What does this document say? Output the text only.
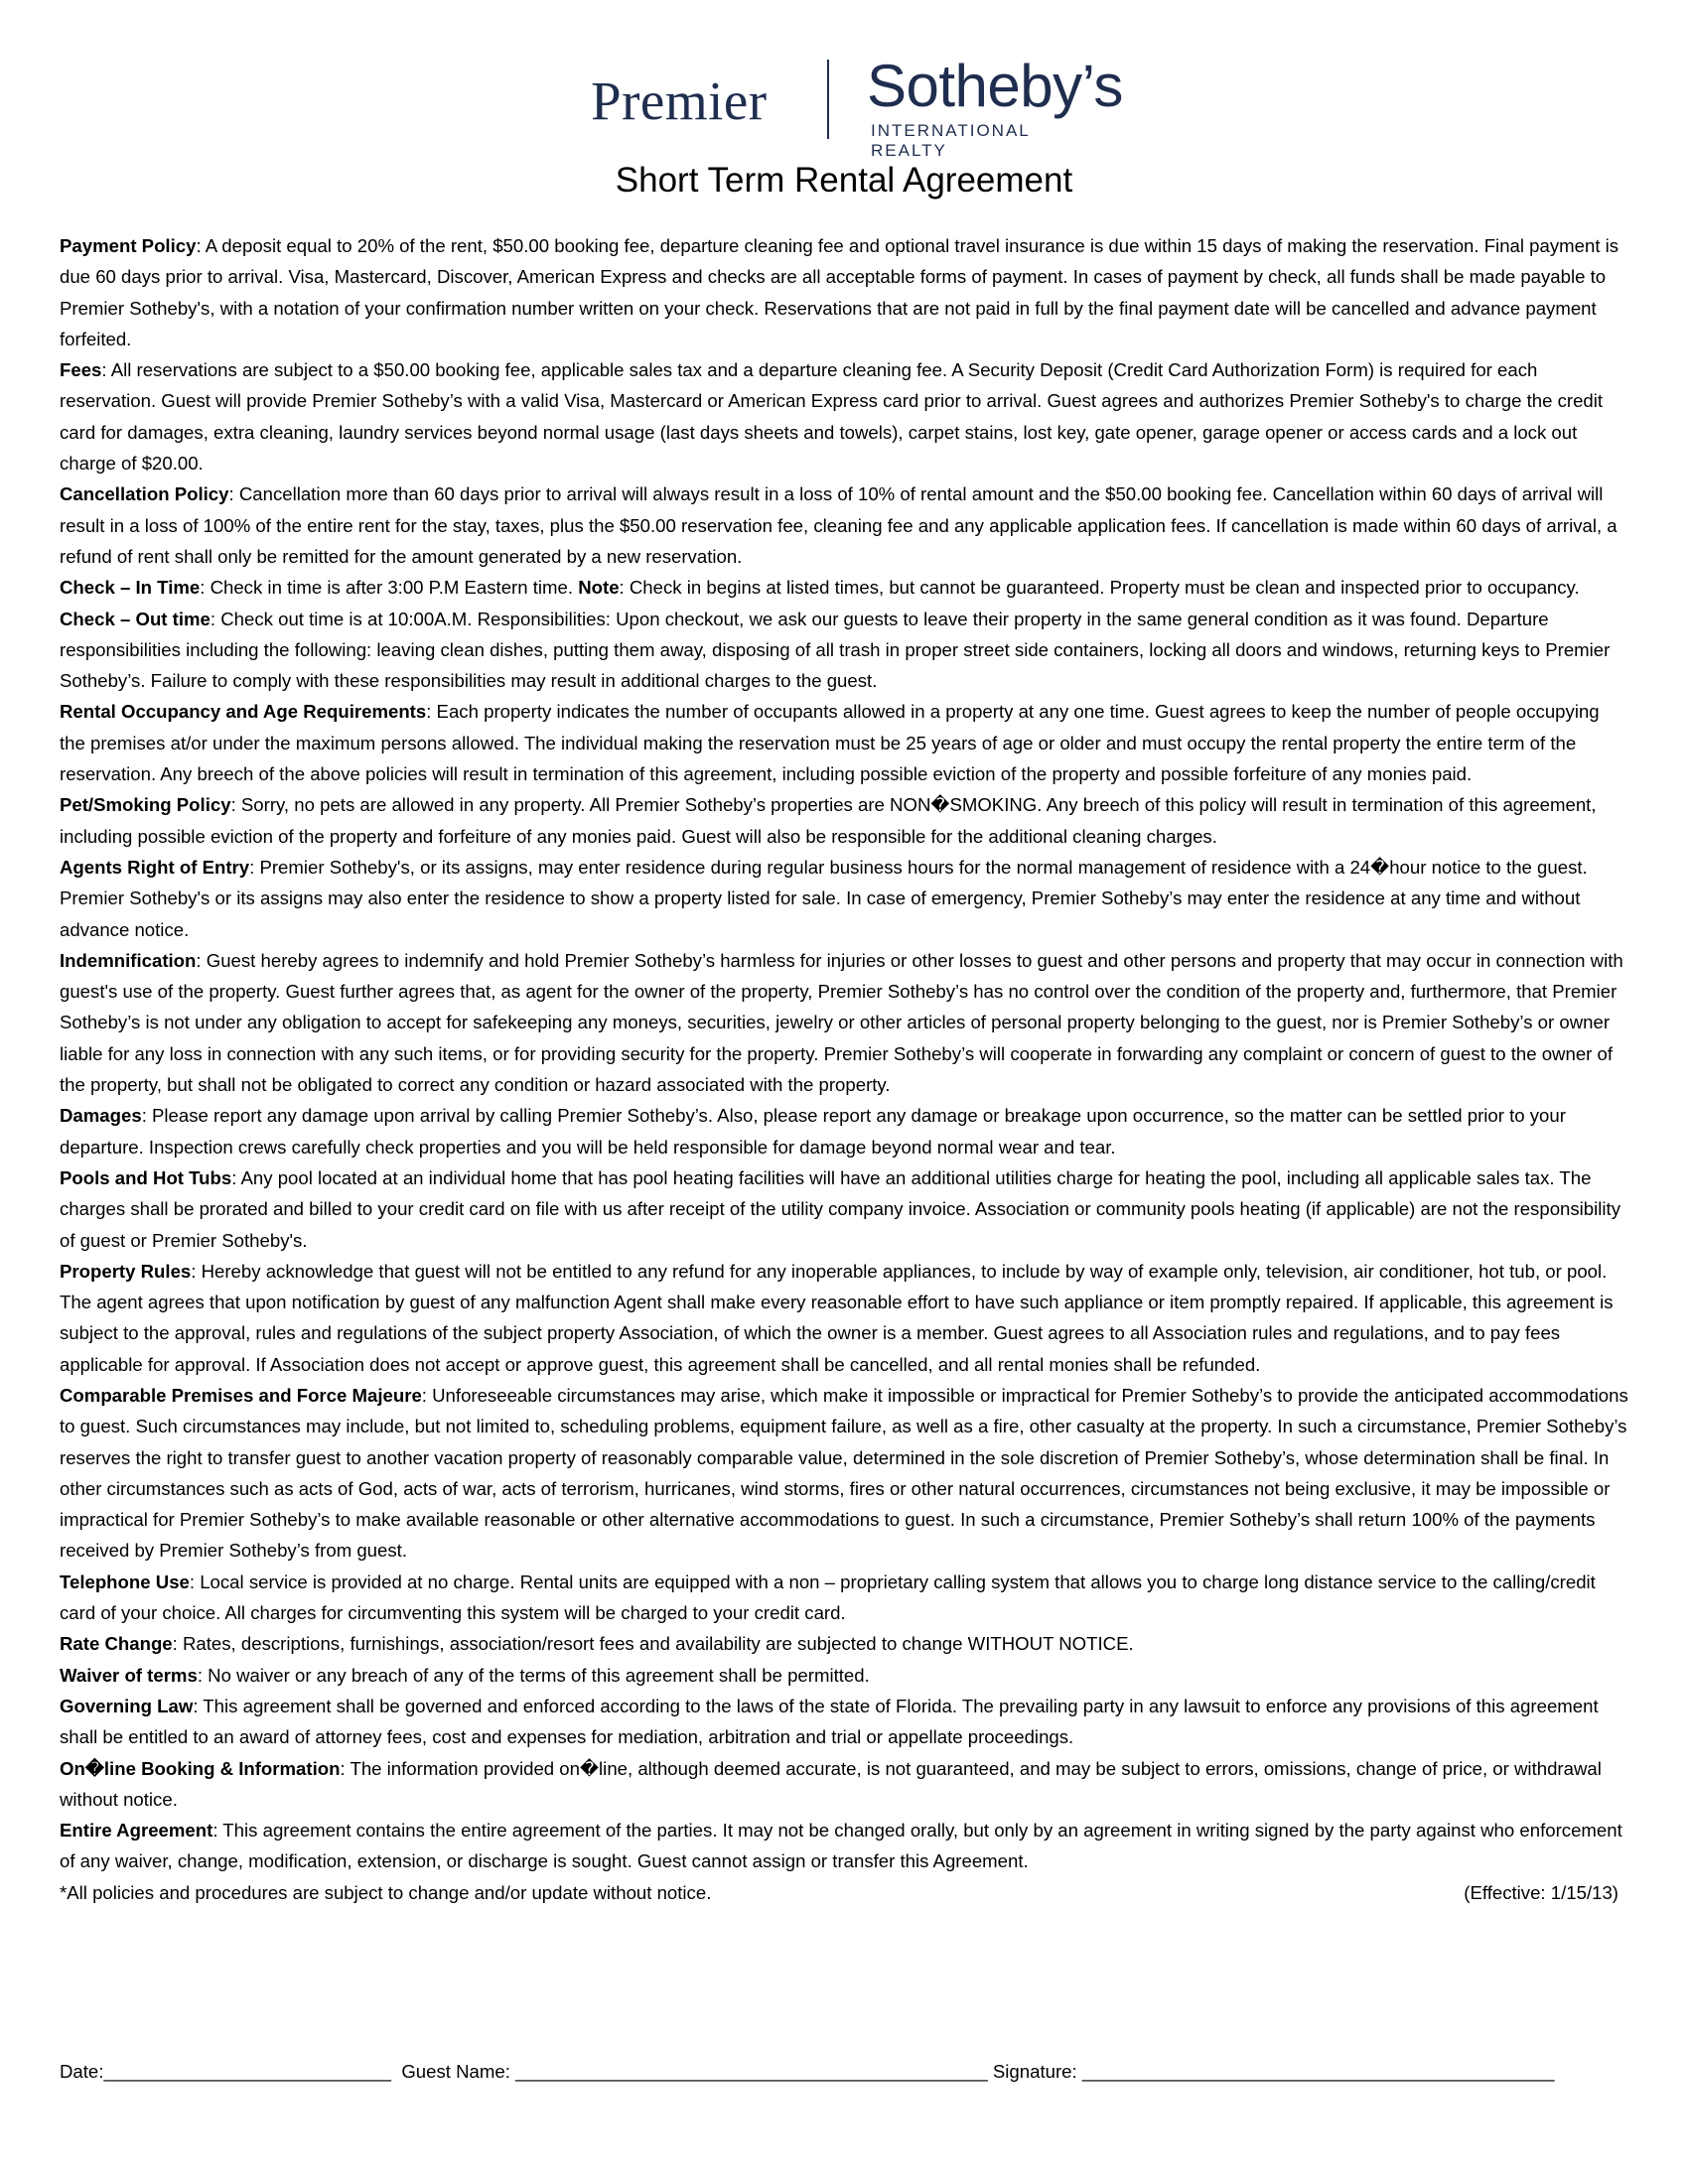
Premier Sotheby’s
INTERNATIONAL REALTY
Short Term Rental Agreement

Payment Policy: A deposit equal to 20% of the rent, $50.00 booking fee, departure cleaning fee and optional travel insurance is due within 15 days of making the reservation. Final payment is due 60 days prior to arrival. Visa, Mastercard, Discover, American Express and checks are all acceptable forms of payment. In cases of payment by check, all funds shall be made payable to Premier Sotheby's, with a notation of your confirmation number written on your check. Reservations that are not paid in full by the final payment date will be cancelled and advance payment forfeited.

Fees: All reservations are subject to a $50.00 booking fee, applicable sales tax and a departure cleaning fee. A Security Deposit (Credit Card Authorization Form) is required for each reservation. Guest will provide Premier Sotheby’s with a valid Visa, Mastercard or American Express card prior to arrival. Guest agrees and authorizes Premier Sotheby's to charge the credit card for damages, extra cleaning, laundry services beyond normal usage (last days sheets and towels), carpet stains, lost key, gate opener, garage opener or access cards and a lock out charge of $20.00.

Cancellation Policy: Cancellation more than 60 days prior to arrival will always result in a loss of 10% of rental amount and the $50.00 booking fee. Cancellation within 60 days of arrival will result in a loss of 100% of the entire rent for the stay, taxes, plus the $50.00 reservation fee, cleaning fee and any applicable application fees. If cancellation is made within 60 days of arrival, a refund of rent shall only be remitted for the amount generated by a new reservation.

Check – In Time: Check in time is after 3:00 P.M Eastern time. Note: Check in begins at listed times, but cannot be guaranteed. Property must be clean and inspected prior to occupancy.

Check – Out time: Check out time is at 10:00A.M. Responsibilities: Upon checkout, we ask our guests to leave their property in the same general condition as it was found. Departure responsibilities including the following: leaving clean dishes, putting them away, disposing of all trash in proper street side containers, locking all doors and windows, returning keys to Premier Sotheby’s. Failure to comply with these responsibilities may result in additional charges to the guest.

Rental Occupancy and Age Requirements: Each property indicates the number of occupants allowed in a property at any one time. Guest agrees to keep the number of people occupying the premises at/or under the maximum persons allowed. The individual making the reservation must be 25 years of age or older and must occupy the rental property the entire term of the reservation. Any breech of the above policies will result in termination of this agreement, including possible eviction of the property and possible forfeiture of any monies paid.

Pet/Smoking Policy: Sorry, no pets are allowed in any property. All Premier Sotheby’s properties are NON�SMOKING. Any breech of this policy will result in termination of this agreement, including possible eviction of the property and forfeiture of any monies paid. Guest will also be responsible for the additional cleaning charges.

Agents Right of Entry: Premier Sotheby's, or its assigns, may enter residence during regular business hours for the normal management of residence with a 24�hour notice to the guest. Premier Sotheby's or its assigns may also enter the residence to show a property listed for sale. In case of emergency, Premier Sotheby’s may enter the residence at any time and without advance notice.

Indemnification: Guest hereby agrees to indemnify and hold Premier Sotheby’s harmless for injuries or other losses to guest and other persons and property that may occur in connection with guest's use of the property. Guest further agrees that, as agent for the owner of the property, Premier Sotheby’s has no control over the condition of the property and, furthermore, that Premier Sotheby’s is not under any obligation to accept for safekeeping any moneys, securities, jewelry or other articles of personal property belonging to the guest, nor is Premier Sotheby’s or owner liable for any loss in connection with any such items, or for providing security for the property. Premier Sotheby’s will cooperate in forwarding any complaint or concern of guest to the owner of the property, but shall not be obligated to correct any condition or hazard associated with the property.

Damages: Please report any damage upon arrival by calling Premier Sotheby’s. Also, please report any damage or breakage upon occurrence, so the matter can be settled prior to your departure. Inspection crews carefully check properties and you will be held responsible for damage beyond normal wear and tear.

Pools and Hot Tubs: Any pool located at an individual home that has pool heating facilities will have an additional utilities charge for heating the pool, including all applicable sales tax. The charges shall be prorated and billed to your credit card on file with us after receipt of the utility company invoice. Association or community pools heating (if applicable) are not the responsibility of guest or Premier Sotheby's.

Property Rules: Hereby acknowledge that guest will not be entitled to any refund for any inoperable appliances, to include by way of example only, television, air conditioner, hot tub, or pool. The agent agrees that upon notification by guest of any malfunction Agent shall make every reasonable effort to have such appliance or item promptly repaired. If applicable, this agreement is subject to the approval, rules and regulations of the subject property Association, of which the owner is a member. Guest agrees to all Association rules and regulations, and to pay fees applicable for approval. If Association does not accept or approve guest, this agreement shall be cancelled, and all rental monies shall be refunded.

Comparable Premises and Force Majeure: Unforeseeable circumstances may arise, which make it impossible or impractical for Premier Sotheby’s to provide the anticipated accommodations to guest. Such circumstances may include, but not limited to, scheduling problems, equipment failure, as well as a fire, other casualty at the property. In such a circumstance, Premier Sotheby’s reserves the right to transfer guest to another vacation property of reasonably comparable value, determined in the sole discretion of Premier Sotheby’s, whose determination shall be final. In other circumstances such as acts of God, acts of war, acts of terrorism, hurricanes, wind storms, fires or other natural occurrences, circumstances not being exclusive, it may be impossible or impractical for Premier Sotheby’s to make available reasonable or other alternative accommodations to guest. In such a circumstance, Premier Sotheby’s shall return 100% of the payments received by Premier Sotheby’s from guest.

Telephone Use: Local service is provided at no charge. Rental units are equipped with a non – proprietary calling system that allows you to charge long distance service to the calling/credit card of your choice. All charges for circumventing this system will be charged to your credit card.

Rate Change: Rates, descriptions, furnishings, association/resort fees and availability are subjected to change WITHOUT NOTICE.

Waiver of terms: No waiver or any breach of any of the terms of this agreement shall be permitted.

Governing Law: This agreement shall be governed and enforced according to the laws of the state of Florida. The prevailing party in any lawsuit to enforce any provisions of this agreement shall be entitled to an award of attorney fees, cost and expenses for mediation, arbitration and trial or appellate proceedings.

On�line Booking & Information: The information provided on�line, although deemed accurate, is not guaranteed, and may be subject to errors, omissions, change of price, or withdrawal without notice.

Entire Agreement: This agreement contains the entire agreement of the parties. It may not be changed orally, but only by an agreement in writing signed by the party against who enforcement of any waiver, change, modification, extension, or discharge is sought. Guest cannot assign or transfer this Agreement.

*All policies and procedures are subject to change and/or update without notice.	(Effective: 1/15/13)

Date:____________________________  Guest Name: ______________________________________________ Signature: ______________________________________________
